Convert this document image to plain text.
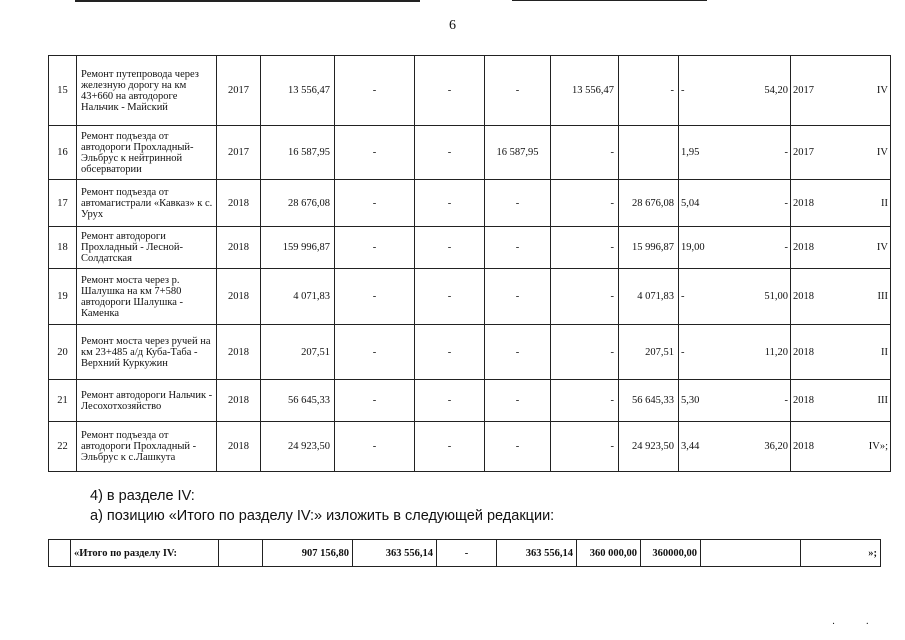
6
15	Ремонт путепровода через железную дорогу на км 43+660 на автодороге Нальчик - Майский	2017	13 556,47	-	-	-	13 556,47	-	- 54,20	2017 IV

16	Ремонт подъезда от автодороги Прохладный-Эльбрус к нейтринной обсерватории	2017	16 587,95	-	-	16 587,95	-		1,95 -	2017 IV

17	Ремонт подъезда от автомагистрали «Кавказ» к с. Урух	2018	28 676,08	-	-	-	-	28 676,08	5,04 -	2018 II

18	Ремонт автодороги Прохладный - Лесной-Солдатская	2018	159 996,87	-	-	-	-	15 996,87	19,00 -	2018 IV

19	Ремонт моста через р. Шалушка на км 7+580 автодороги Шалушка - Каменка	2018	4 071,83	-	-	-	-	4 071,83	- 51,00	2018 III

20	Ремонт моста через ручей на км 23+485 а/д Куба-Таба - Верхний Куркужин	2018	207,51	-	-	-	-	207,51	- 11,20	2018 II

21	Ремонт автодороги Нальчик - Лесохотхозяйство	2018	56 645,33	-	-	-	-	56 645,33	5,30 -	2018 III

22	Ремонт подъезда от автодороги Прохладный - Эльбрус к с.Лашкута	2018	24 923,50	-	-	-	-	24 923,50	3,44 36,20	2018 IV»;
4) в разделе IV:
а) позицию «Итого по разделу IV:» изложить в следующей редакции:
	«Итого по разделу IV:		907 156,80	363 556,14	-	363 556,14	360 000,00	360000,00		»;
· ·
